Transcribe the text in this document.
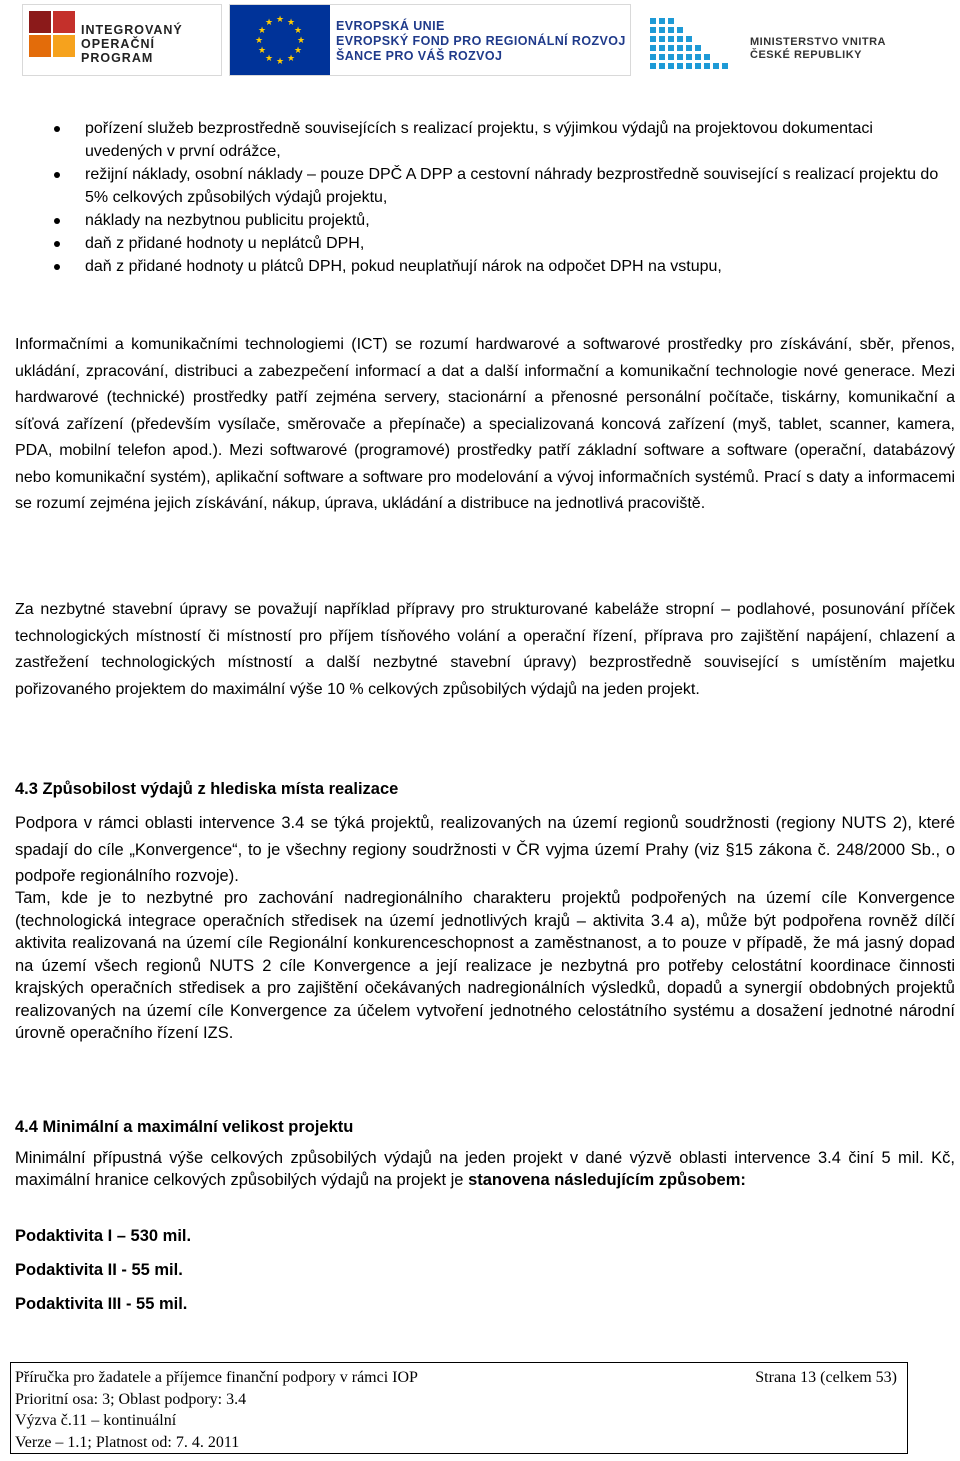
INTEGROVANÝ
OPERAČNÍ
PROGRAM
★ ★
★
★
★
★
★
★
★
★
★
★	EVROPSKÁ UNIE
EVROPSKÝ FOND PRO REGIONÁLNÍ ROZVOJ
ŠANCE PRO VÁŠ ROZVOJ
MINISTERSTVO VNITRA
ČESKÉ REPUBLIKY
pořízení služeb bezprostředně souvisejících s realizací projektu, s výjimkou výdajů na projektovou dokumentaci uvedených v první odrážce,
režijní náklady, osobní náklady – pouze DPČ A DPP a cestovní náhrady bezprostředně související s realizací projektu do 5% celkových způsobilých výdajů projektu,
náklady na nezbytnou publicitu projektů,
daň z přidané hodnoty u neplátců DPH,
daň z přidané hodnoty u plátců DPH, pokud neuplatňují nárok na odpočet DPH na vstupu,

Informačními a komunikačními technologiemi (ICT) se rozumí hardwarové a softwarové prostředky pro získávání, sběr, přenos, ukládání, zpracování, distribuci a zabezpečení informací a dat a další informační a komunikační technologie nové generace. Mezi hardwarové (technické) prostředky patří zejména servery, stacionární a přenosné personální počítače, tiskárny, komunikační a síťová zařízení (především vysílače, směrovače a přepínače) a specializovaná koncová zařízení (myš, tablet, scanner, kamera, PDA, mobilní telefon apod.). Mezi softwarové (programové) prostředky patří základní software a software (operační, databázový nebo komunikační systém), aplikační software a software pro modelování a vývoj informačních systémů. Prací s daty a informacemi se rozumí zejména jejich získávání, nákup, úprava, ukládání a distribuce na jednotlivá pracoviště.

Za nezbytné stavební úpravy se považují například přípravy pro strukturované kabeláže stropní – podlahové, posunování příček technologických místností či místností pro příjem tísňového volání a operační řízení, příprava pro zajištění napájení, chlazení a zastřežení technologických místností a další nezbytné stavební úpravy) bezprostředně související s umístěním majetku pořizovaného projektem do maximální výše 10 % celkových způsobilých výdajů na jeden projekt.

4.3 Způsobilost výdajů z hlediska místa realizace

Podpora v rámci oblasti intervence 3.4 se týká projektů, realizovaných na území regionů soudržnosti (regiony NUTS 2), které spadají do cíle „Konvergence“, to je všechny regiony soudržnosti v ČR vyjma území Prahy (viz §15 zákona č. 248/2000 Sb., o podpoře regionálního rozvoje).

Tam, kde je to nezbytné pro zachování nadregionálního charakteru projektů podpořených na území cíle Konvergence (technologická integrace operačních středisek na území jednotlivých krajů – aktivita 3.4 a), může být podpořena rovněž dílčí aktivita realizovaná na území cíle Regionální konkurenceschopnost a zaměstnanost, a to pouze v případě, že má jasný dopad na území všech regionů NUTS 2 cíle Konvergence a její realizace je nezbytná pro potřeby celostátní koordinace činnosti krajských operačních středisek a pro zajištění očekávaných nadregionálních výsledků, dopadů a synergií obdobných projektů realizovaných na území cíle Konvergence za účelem vytvoření jednotného celostátního systému a dosažení jednotné národní úrovně operačního řízení IZS.

4.4 Minimální a maximální velikost projektu

Minimální přípustná výše celkových způsobilých výdajů na jeden projekt v dané výzvě oblasti intervence 3.4 činí 5 mil. Kč, maximální hranice celkových způsobilých výdajů na projekt je stanovena následujícím způsobem:

Podaktivita I – 530 mil.

Podaktivita II - 55 mil.

Podaktivita III - 55 mil.

Příručka pro žadatele a příjemce finanční podpory v rámci IOP
Prioritní osa: 3; Oblast podpory: 3.4
Výzva č.11 – kontinuální
Verze – 1.1; Platnost od: 7. 4. 2011
Strana 13 (celkem 53)
